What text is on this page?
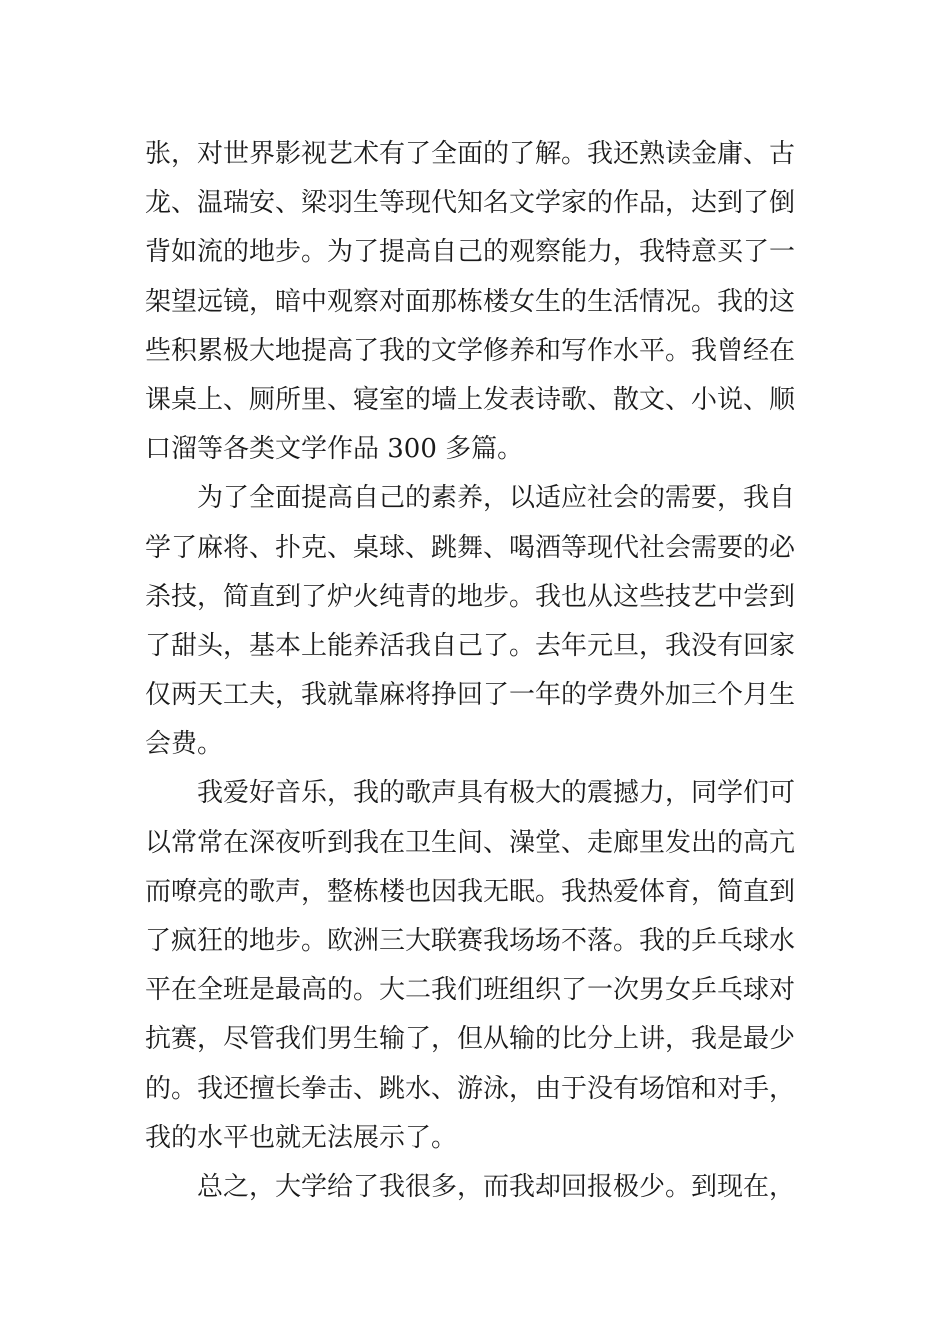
张，对世界影视艺术有了全面的了解。我还熟读金庸、古
龙、温瑞安、梁羽生等现代知名文学家的作品，达到了倒
背如流的地步。为了提高自己的观察能力，我特意买了一
架望远镜，暗中观察对面那栋楼女生的生活情况。我的这
些积累极大地提高了我的文学修养和写作水平。我曾经在
课桌上、厕所里、寝室的墙上发表诗歌、散文、小说、顺
口溜等各类文学作品 300 多篇。
　　为了全面提高自己的素养，以适应社会的需要，我自
学了麻将、扑克、桌球、跳舞、喝酒等现代社会需要的必
杀技，简直到了炉火纯青的地步。我也从这些技艺中尝到
了甜头，基本上能养活我自己了。去年元旦，我没有回家
仅两天工夫，我就靠麻将挣回了一年的学费外加三个月生
会费。
　　我爱好音乐，我的歌声具有极大的震撼力，同学们可
以常常在深夜听到我在卫生间、澡堂、走廊里发出的高亢
而嘹亮的歌声，整栋楼也因我无眠。我热爱体育，简直到
了疯狂的地步。欧洲三大联赛我场场不落。我的乒乓球水
平在全班是最高的。大二我们班组织了一次男女乒乓球对
抗赛，尽管我们男生输了，但从输的比分上讲，我是最少
的。我还擅长拳击、跳水、游泳，由于没有场馆和对手，
我的水平也就无法展示了。
　　总之，大学给了我很多，而我却回报极少。到现在，
